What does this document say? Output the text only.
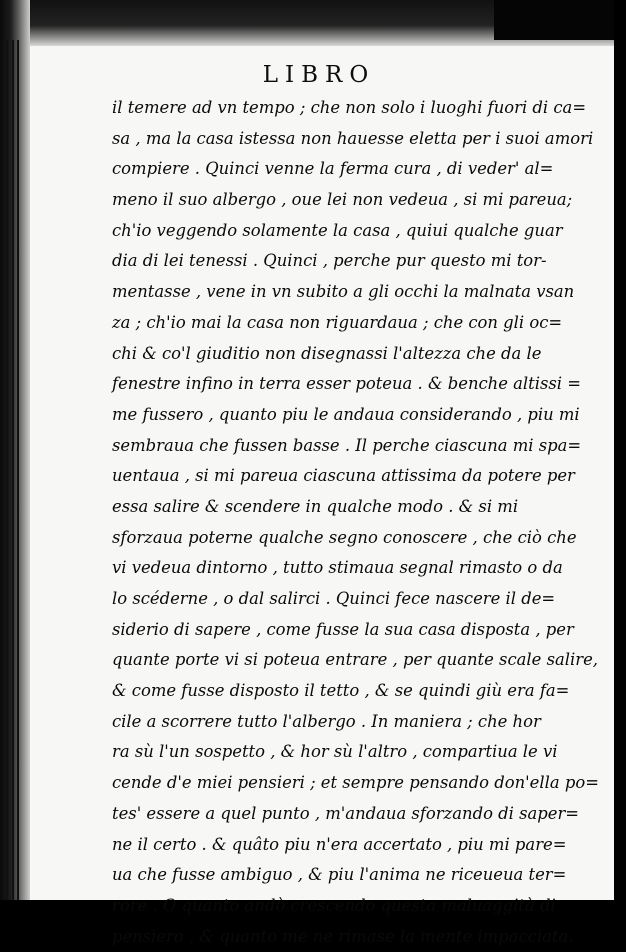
LIBRO
il temere ad vn tempo ; che non solo i luoghi fuori di ca=
sa , ma la casa istessa non hauesse eletta per i suoi amori
compiere . Quinci venne la ferma cura , di veder' al=
meno il suo albergo , oue lei non vedeua , si mi pareua;
ch'io veggendo solamente la casa , quiui qualche guar
dia di lei tenessi . Quinci , perche pur questo mi tor-
mentasse , vene in vn subito a gli occhi la malnata vsan
za ; ch'io mai la casa non riguardaua ; che con gli oc=
chi & co'l giuditio non disegnassi l'altezza che da le
fenestre infino in terra esser poteua . & benche altissi =
me fussero , quanto piu le andaua considerando , piu mi
sembraua che fussen basse . Il perche ciascuna mi spa=
uentaua , si mi pareua ciascuna attissima da potere per
essa salire & scendere in qualche modo . & si mi
sforzaua poterne qualche segno conoscere , che ciò che
vi vedeua dintorno , tutto stimaua segnal rimasto o da
lo scéderne , o dal salirci . Quinci fece nascere il de=
siderio di sapere , come fusse la sua casa disposta , per
quante porte vi si poteua entrare , per quante scale salire,
& come fusse disposto il tetto , & se quindi giù era fa=
cile a scorrere tutto l'albergo . In maniera ; che hor
ra sù l'un sospetto , & hor sù l'altro , compartiua le vi
cende d'e miei pensieri ; et sempre pensando don'ella po=
tes' essere a quel punto , m'andaua sforzando di saper=
ne il certo . & quâto piu n'era accertato , piu mi pare=
ua che fusse ambiguo , & piu l'anima ne riceueua ter=
rore . O quanto andò crescendo questa maluaggità di
pensiero , & quanto me ne rimase la mente impacciata.
